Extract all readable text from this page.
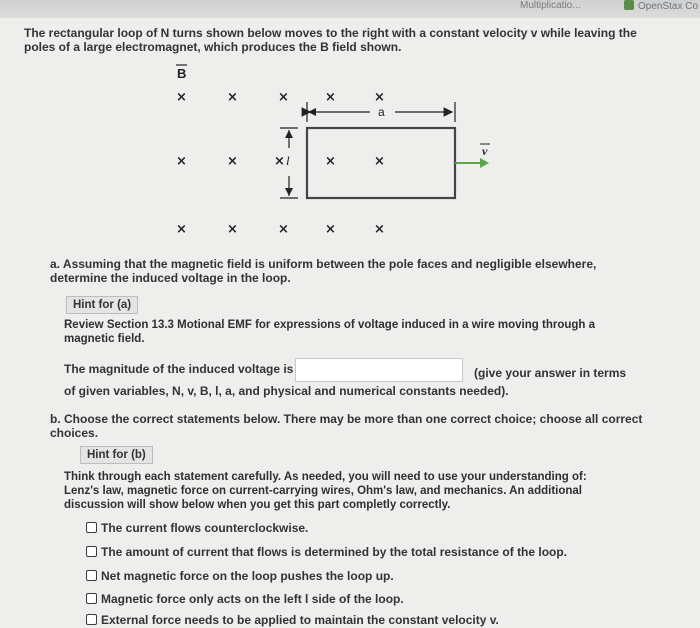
Multiplicatio...	OpenStax Co
The rectangular loop of N turns shown below moves to the right with a constant velocity v while leaving the poles of a large electromagnet, which produces the B field shown.
B
×	×	×	×	×
×	×	×	×	×
×	×	×	×	×
a
l
v
a. Assuming that the magnetic field is uniform between the pole faces and negligible elsewhere, determine the induced voltage in the loop.
Hint for (a)
Review Section 13.3 Motional EMF for expressions of voltage induced in a wire moving through a magnetic field.
The magnitude of the induced voltage is	(give your answer in terms
of given variables, N, v, B, l, a, and physical and numerical constants needed).
b. Choose the correct statements below. There may be more than one correct choice; choose all correct choices.
Hint for (b)
Think through each statement carefully. As needed, you will need to use your understanding of: Lenz's law, magnetic force on current-carrying wires, Ohm's law, and mechanics. An additional discussion will show below when you get this part completly correctly.
The current flows counterclockwise.
The amount of current that flows is determined by the total resistance of the loop.
Net magnetic force on the loop pushes the loop up.
Magnetic force only acts on the left l side of the loop.
External force needs to be applied to maintain the constant velocity v.
